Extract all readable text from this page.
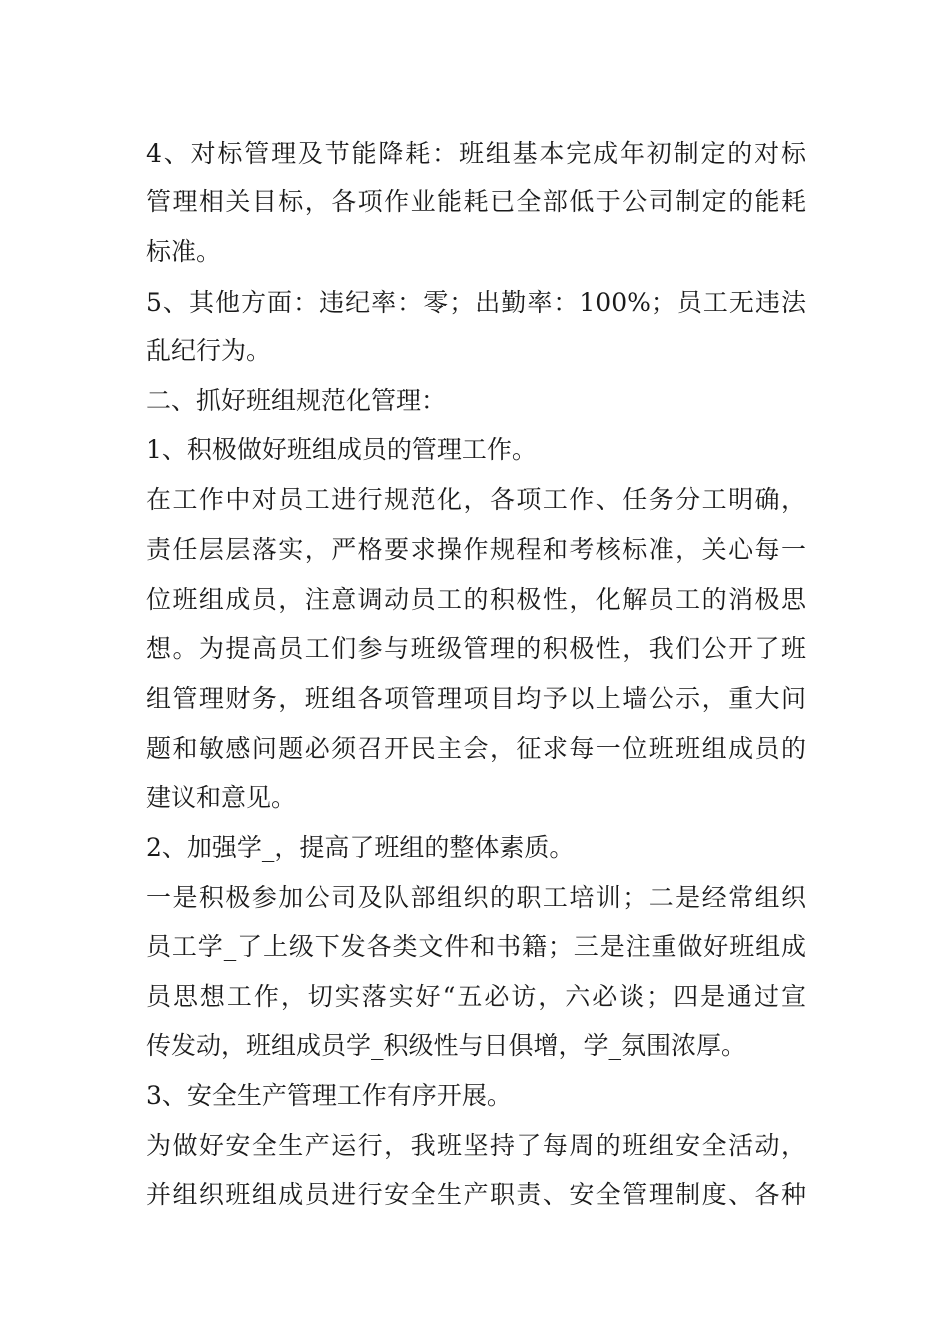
4、对标管理及节能降耗：班组基本完成年初制定的对标
管理相关目标，各项作业能耗已全部低于公司制定的能耗
标准。
5、其他方面：违纪率：零；出勤率：100%；员工无违法
乱纪行为。
二、抓好班组规范化管理：
1、积极做好班组成员的管理工作。
在工作中对员工进行规范化，各项工作、任务分工明确，
责任层层落实，严格要求操作规程和考核标准，关心每一
位班组成员，注意调动员工的积极性，化解员工的消极思
想。为提高员工们参与班级管理的积极性，我们公开了班
组管理财务，班组各项管理项目均予以上墙公示，重大问
题和敏感问题必须召开民主会，征求每一位班班组成员的
建议和意见。
2、加强学_，提高了班组的整体素质。
一是积极参加公司及队部组织的职工培训；二是经常组织
员工学_了上级下发各类文件和书籍；三是注重做好班组成
员思想工作，切实落实好“五必访，六必谈；四是通过宣
传发动，班组成员学_积级性与日俱增，学_氛围浓厚。
3、安全生产管理工作有序开展。
为做好安全生产运行，我班坚持了每周的班组安全活动，
并组织班组成员进行安全生产职责、安全管理制度、各种
